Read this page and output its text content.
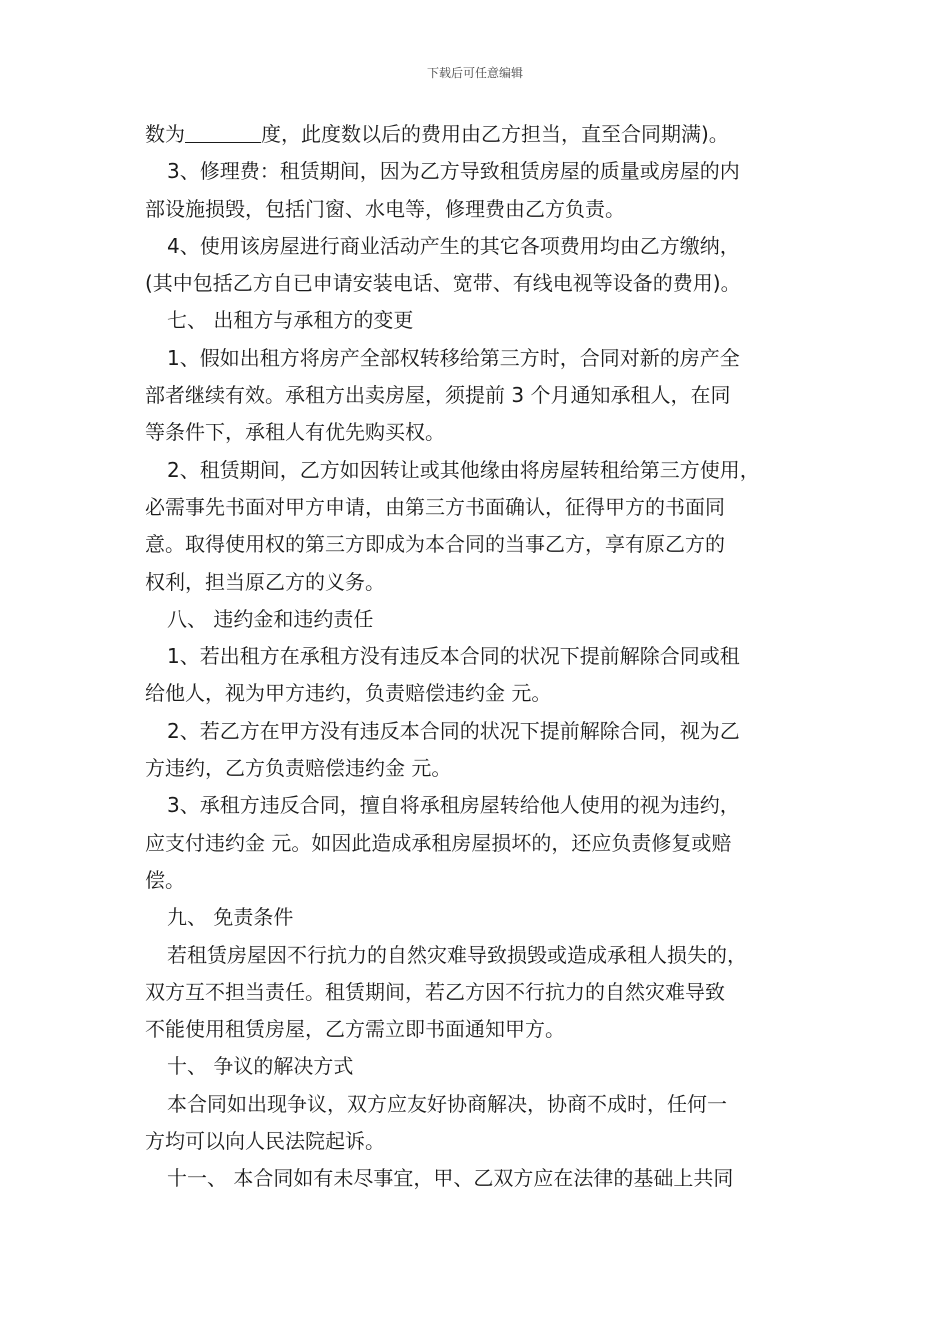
下载后可任意编辑
数为	度，此度数以后的费用由乙方担当，直至合同期满)。
3、修理费：租赁期间，因为乙方导致租赁房屋的质量或房屋的内
部设施损毁，包括门窗、水电等，修理费由乙方负责。
4、使用该房屋进行商业活动产生的其它各项费用均由乙方缴纳，
(其中包括乙方自已申请安装电话、宽带、有线电视等设备的费用)。
七、 出租方与承租方的变更
1、假如出租方将房产全部权转移给第三方时，合同对新的房产全
部者继续有效。承租方出卖房屋，须提前 3 个月通知承租人，在同
等条件下，承租人有优先购买权。
2、租赁期间，乙方如因转让或其他缘由将房屋转租给第三方使用，
必需事先书面对甲方申请，由第三方书面确认，征得甲方的书面同
意。取得使用权的第三方即成为本合同的当事乙方，享有原乙方的
权利，担当原乙方的义务。
八、 违约金和违约责任
1、若出租方在承租方没有违反本合同的状况下提前解除合同或租
给他人，视为甲方违约，负责赔偿违约金 元。
2、若乙方在甲方没有违反本合同的状况下提前解除合同，视为乙
方违约，乙方负责赔偿违约金 元。
3、承租方违反合同，擅自将承租房屋转给他人使用的视为违约，
应支付违约金 元。如因此造成承租房屋损坏的，还应负责修复或赔
偿。
九、 免责条件
若租赁房屋因不行抗力的自然灾难导致损毁或造成承租人损失的，
双方互不担当责任。租赁期间，若乙方因不行抗力的自然灾难导致
不能使用租赁房屋，乙方需立即书面通知甲方。
十、 争议的解决方式
本合同如出现争议，双方应友好协商解决，协商不成时，任何一
方均可以向人民法院起诉。
十一、 本合同如有未尽事宜，甲、乙双方应在法律的基础上共同
